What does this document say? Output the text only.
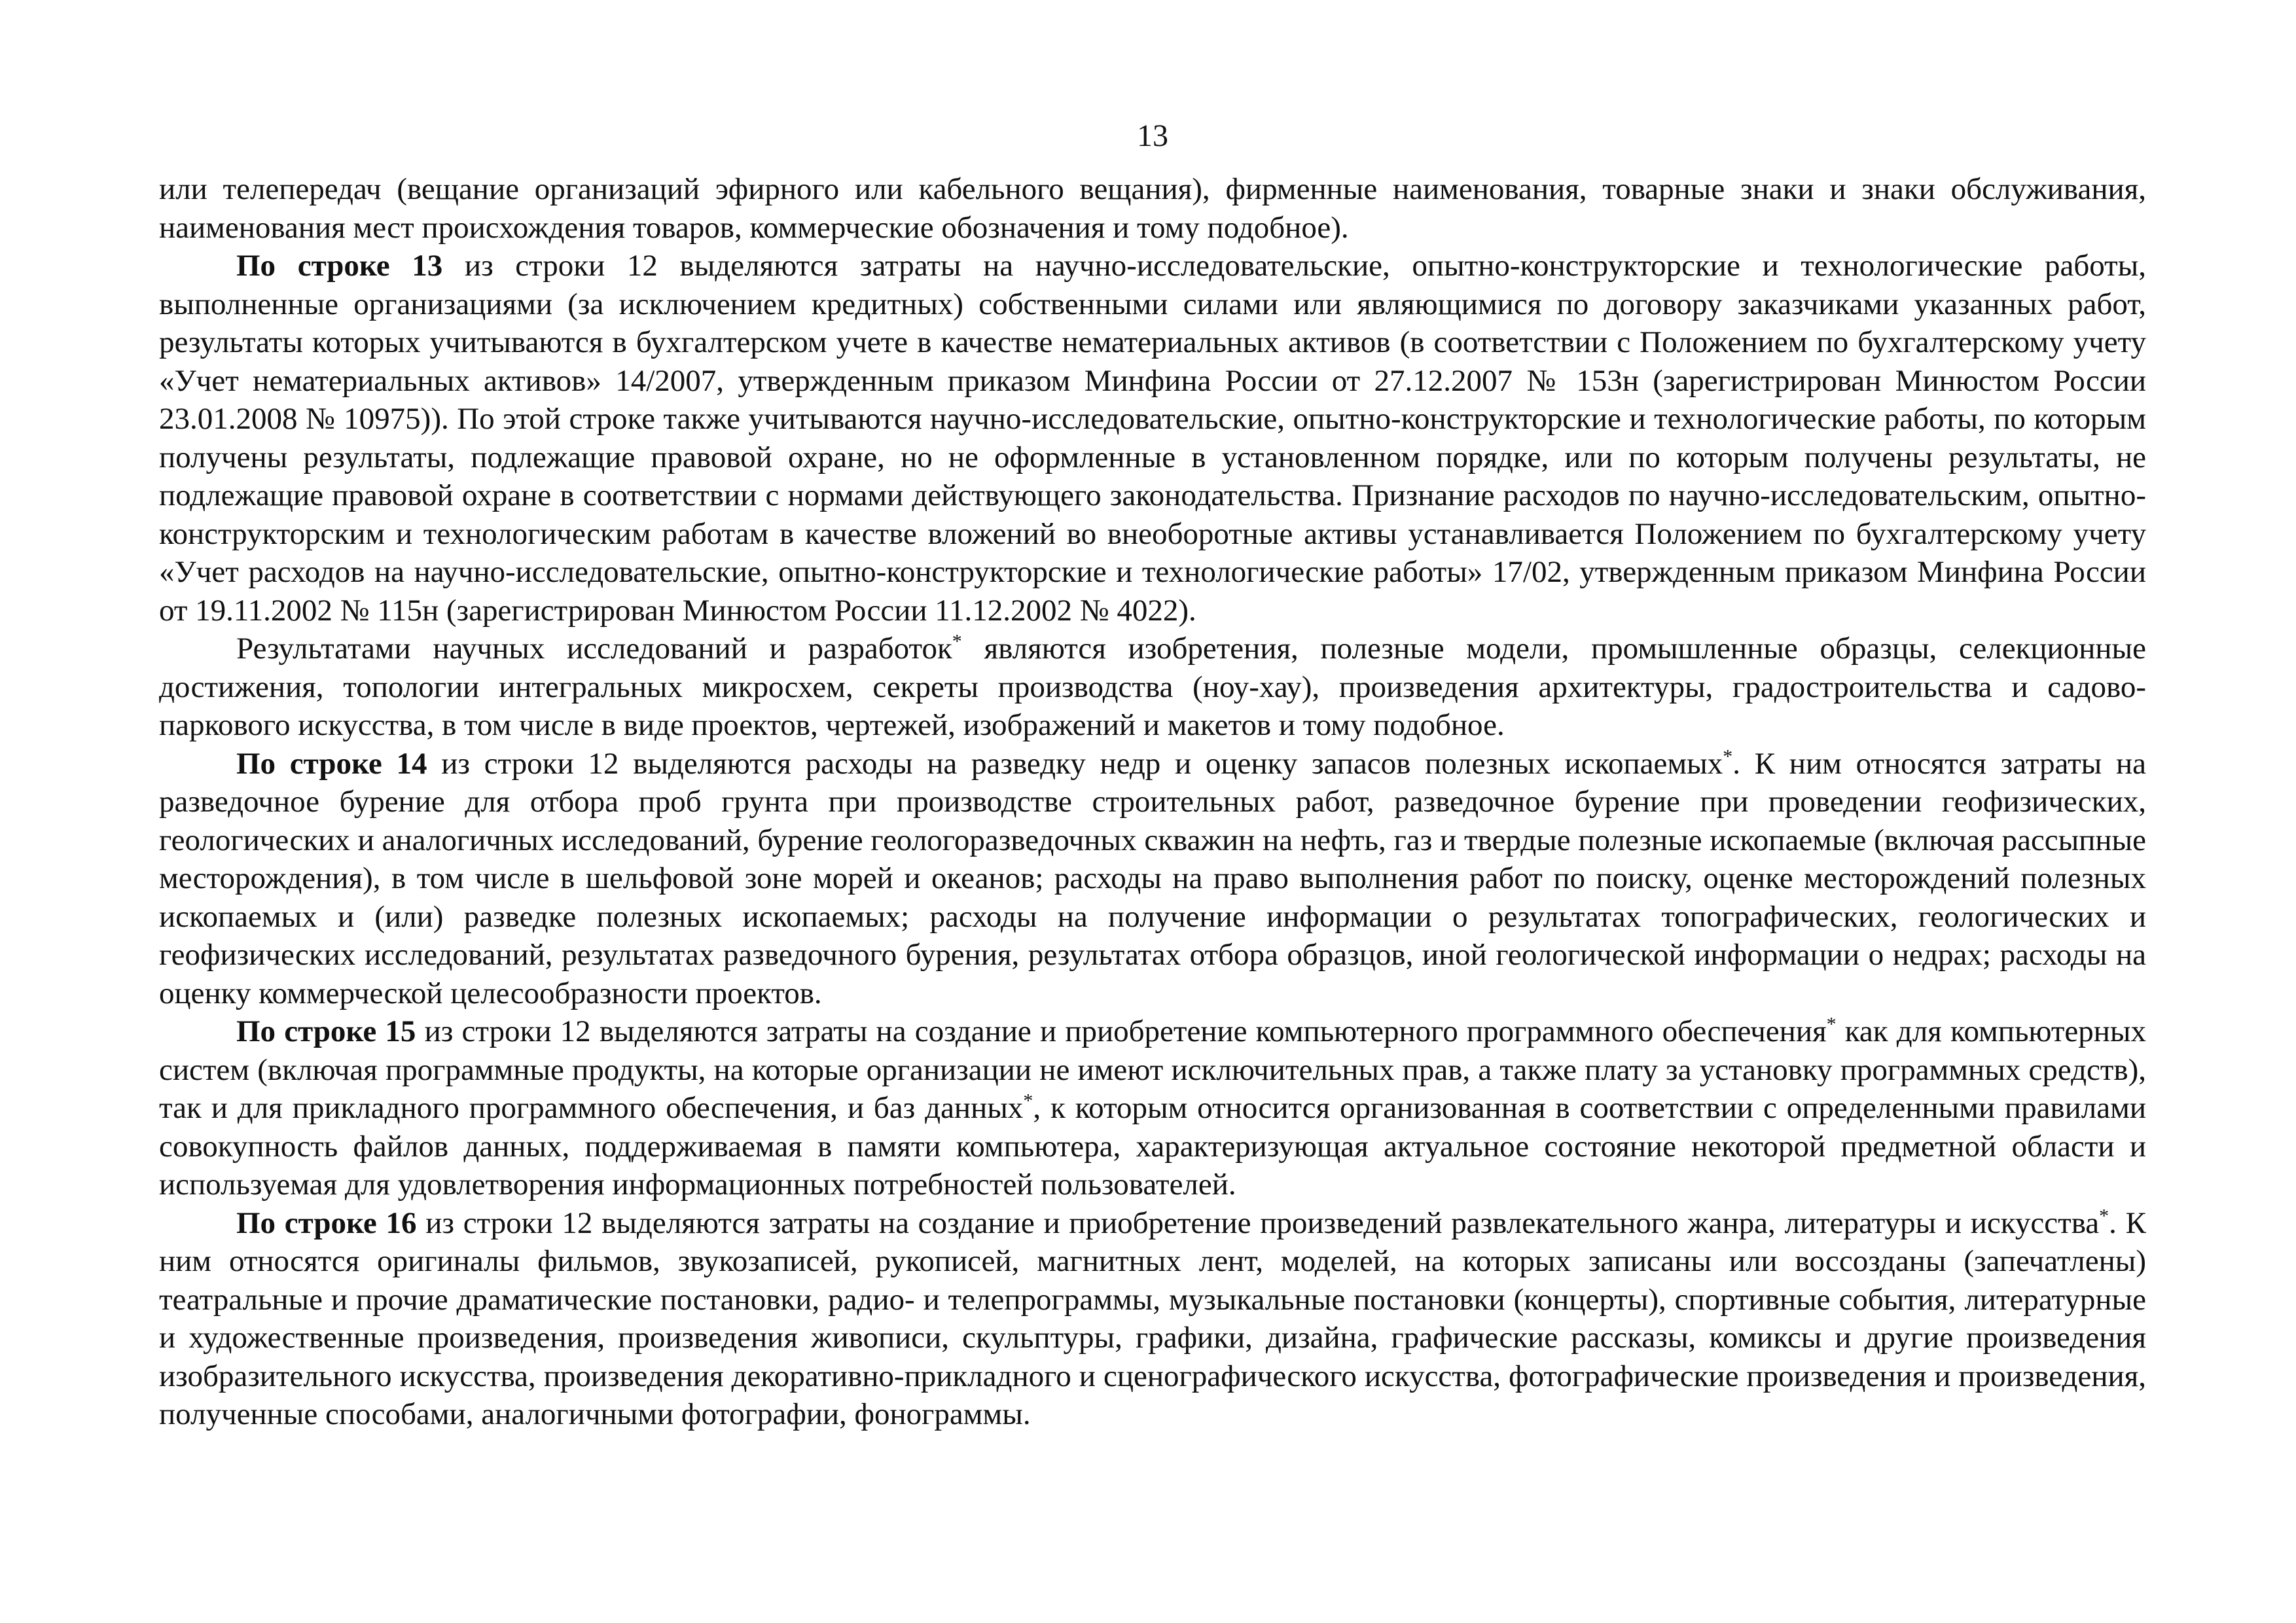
13

или телепередач (вещание организаций эфирного или кабельного вещания), фирменные наименования, товарные знаки и знаки обслуживания, наименования мест происхождения товаров, коммерческие обозначения и тому подобное).

По строке 13 из строки 12 выделяются затраты на научно-исследовательские, опытно-конструкторские и технологические работы, выполненные организациями (за исключением кредитных) собственными силами или являющимися по договору заказчиками указанных работ, результаты которых учитываются в бухгалтерском учете в качестве нематериальных активов (в соответствии с Положением по бухгалтерскому учету «Учет нематериальных активов» 14/2007, утвержденным приказом Минфина России от 27.12.2007 № 153н (зарегистрирован Минюстом России 23.01.2008 № 10975)). По этой строке также учитываются научно-исследовательские, опытно-конструкторские и технологические работы, по которым получены результаты, подлежащие правовой охране, но не оформленные в установленном порядке, или по которым получены результаты, не подлежащие правовой охране в соответствии с нормами действующего законодательства. Признание расходов по научно-исследовательским, опытно-конструкторским и технологическим работам в качестве вложений во внеоборотные активы устанавливается Положением по бухгалтерскому учету «Учет расходов на научно-исследовательские, опытно-конструкторские и технологические работы» 17/02, утвержденным приказом Минфина России от 19.11.2002 № 115н (зарегистрирован Минюстом России 11.12.2002 № 4022).

Результатами научных исследований и разработок* являются изобретения, полезные модели, промышленные образцы, селекционные достижения, топологии интегральных микросхем, секреты производства (ноу-хау), произведения архитектуры, градостроительства и садово-паркового искусства, в том числе в виде проектов, чертежей, изображений и макетов и тому подобное.

По строке 14 из строки 12 выделяются расходы на разведку недр и оценку запасов полезных ископаемых*. К ним относятся затраты на разведочное бурение для отбора проб грунта при производстве строительных работ, разведочное бурение при проведении геофизических, геологических и аналогичных исследований, бурение геологоразведочных скважин на нефть, газ и твердые полезные ископаемые (включая рассыпные месторождения), в том числе в шельфовой зоне морей и океанов; расходы на право выполнения работ по поиску, оценке месторождений полезных ископаемых и (или) разведке полезных ископаемых; расходы на получение информации о результатах топографических, геологических и геофизических исследований, результатах разведочного бурения, результатах отбора образцов, иной геологической информации о недрах; расходы на оценку коммерческой целесообразности проектов.

По строке 15 из строки 12 выделяются затраты на создание и приобретение компьютерного программного обеспечения* как для компьютерных систем (включая программные продукты, на которые организации не имеют исключительных прав, а также плату за установку программных средств), так и для прикладного программного обеспечения, и баз данных*, к которым относится организованная в соответствии с определенными правилами совокупность файлов данных, поддерживаемая в памяти компьютера, характеризующая актуальное состояние некоторой предметной области и используемая для удовлетворения информационных потребностей пользователей.

По строке 16 из строки 12 выделяются затраты на создание и приобретение произведений развлекательного жанра, литературы и искусства*. К ним относятся оригиналы фильмов, звукозаписей, рукописей, магнитных лент, моделей, на которых записаны или воссозданы (запечатлены) театральные и прочие драматические постановки, радио- и телепрограммы, музыкальные постановки (концерты), спортивные события, литературные и художественные произведения, произведения живописи, скульптуры, графики, дизайна, графические рассказы, комиксы и другие произведения изобразительного искусства, произведения декоративно-прикладного и сценографического искусства, фотографические произведения и произведения, полученные способами, аналогичными фотографии, фонограммы.
